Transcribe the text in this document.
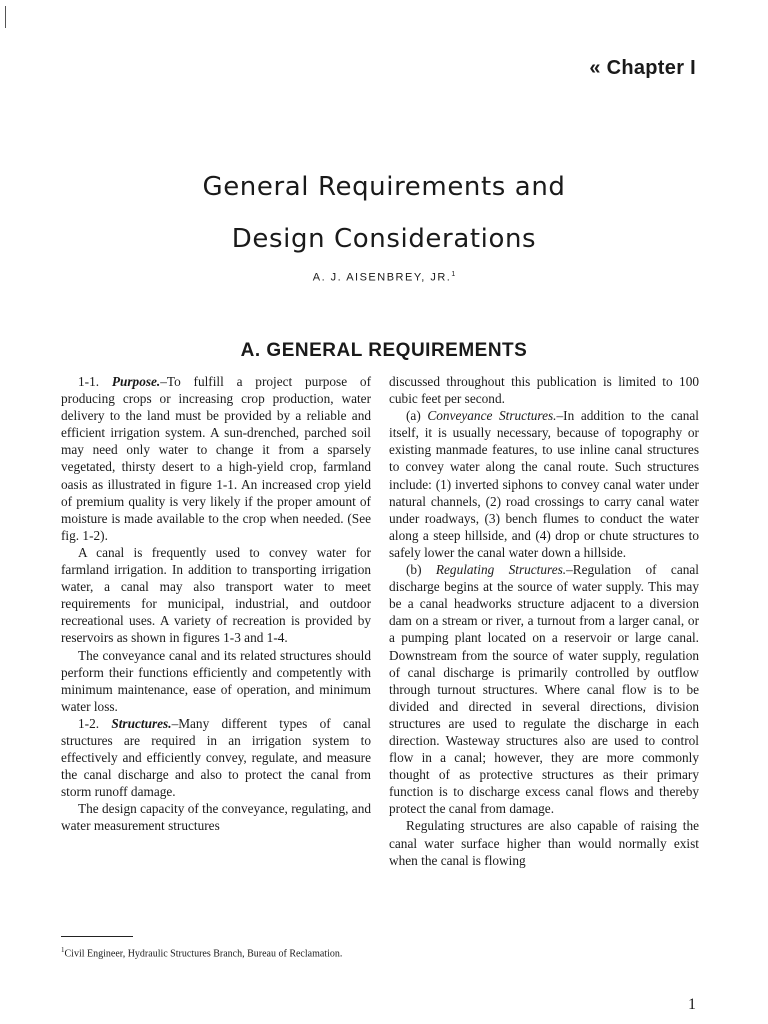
« Chapter I
General Requirements and
Design Considerations
A. J. AISENBREY, JR.$^1$
A. GENERAL REQUIREMENTS

1-1. Purpose.–To fulfill a project purpose of producing crops or increasing crop production, water delivery to the land must be provided by a reliable and efficient irrigation system. A sun-drenched, parched soil may need only water to change it from a sparsely vegetated, thirsty desert to a high-yield crop, farmland oasis as illustrated in figure 1-1. An increased crop yield of premium quality is very likely if the proper amount of moisture is made available to the crop when needed. (See fig. 1-2).

A canal is frequently used to convey water for farmland irrigation. In addition to transporting irrigation water, a canal may also transport water to meet requirements for municipal, industrial, and outdoor recreational uses. A variety of recreation is provided by reservoirs as shown in figures 1-3 and 1-4.

The conveyance canal and its related structures should perform their functions efficiently and competently with minimum maintenance, ease of operation, and minimum water loss.

1-2. Structures.–Many different types of canal structures are required in an irrigation system to effectively and efficiently convey, regulate, and measure the canal discharge and also to protect the canal from storm runoff damage.

The design capacity of the conveyance, regulating, and water measurement structures

discussed throughout this publication is limited to 100 cubic feet per second.

(a) Conveyance Structures.–In addition to the canal itself, it is usually necessary, because of topography or existing manmade features, to use inline canal structures to convey water along the canal route. Such structures include: (1) inverted siphons to convey canal water under natural channels, (2) road crossings to carry canal water under roadways, (3) bench flumes to conduct the water along a steep hillside, and (4) drop or chute structures to safely lower the canal water down a hillside.

(b) Regulating Structures.–Regulation of canal discharge begins at the source of water supply. This may be a canal headworks structure adjacent to a diversion dam on a stream or river, a turnout from a larger canal, or a pumping plant located on a reservoir or large canal. Downstream from the source of water supply, regulation of canal discharge is primarily controlled by outflow through turnout structures. Where canal flow is to be divided and directed in several directions, division structures are used to regulate the discharge in each direction. Wasteway structures also are used to control flow in a canal; however, they are more commonly thought of as protective structures as their primary function is to discharge excess canal flows and thereby protect the canal from damage.

Regulating structures are also capable of raising the canal water surface higher than would normally exist when the canal is flowing

$^1$Civil Engineer, Hydraulic Structures Branch, Bureau of Reclamation.
1
